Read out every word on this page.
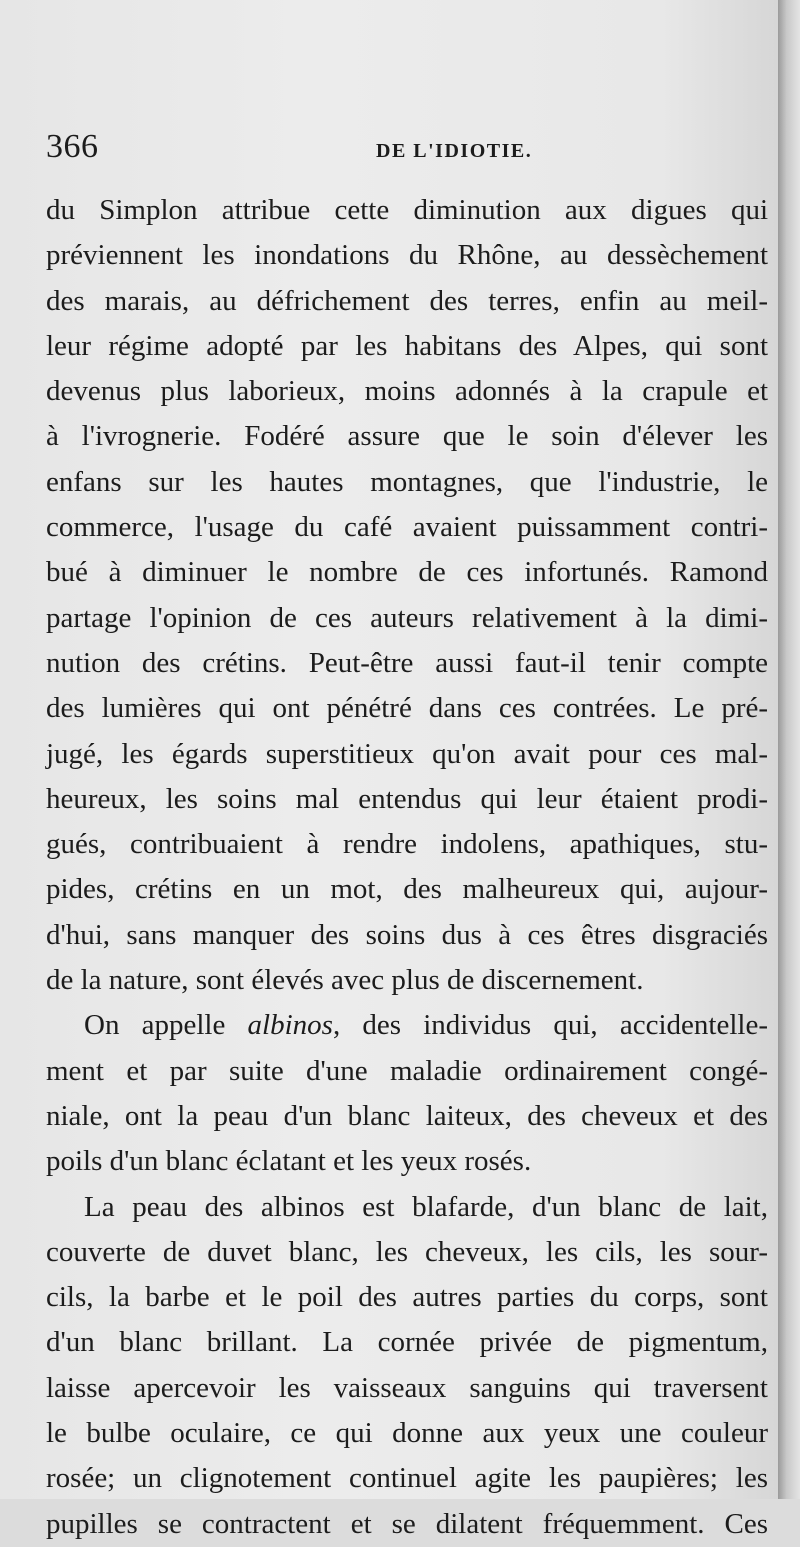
366	DE L'IDIOTIE.
du Simplon attribue cette diminution aux digues qui
préviennent les inondations du Rhône, au dessèchement
des marais, au défrichement des terres, enfin au meil-
leur régime adopté par les habitans des Alpes, qui sont
devenus plus laborieux, moins adonnés à la crapule et
à l'ivrognerie. Fodéré assure que le soin d'élever les
enfans sur les hautes montagnes, que l'industrie, le
commerce, l'usage du café avaient puissamment contri-
bué à diminuer le nombre de ces infortunés. Ramond
partage l'opinion de ces auteurs relativement à la dimi-
nution des crétins. Peut-être aussi faut-il tenir compte
des lumières qui ont pénétré dans ces contrées. Le pré-
jugé, les égards superstitieux qu'on avait pour ces mal-
heureux, les soins mal entendus qui leur étaient prodi-
gués, contribuaient à rendre indolens, apathiques, stu-
pides, crétins en un mot, des malheureux qui, aujour-
d'hui, sans manquer des soins dus à ces êtres disgraciés
de la nature, sont élevés avec plus de discernement.
On appelle albinos, des individus qui, accidentelle-
ment et par suite d'une maladie ordinairement congé-
niale, ont la peau d'un blanc laiteux, des cheveux et des
poils d'un blanc éclatant et les yeux rosés.
La peau des albinos est blafarde, d'un blanc de lait,
couverte de duvet blanc, les cheveux, les cils, les sour-
cils, la barbe et le poil des autres parties du corps, sont
d'un blanc brillant. La cornée privée de pigmentum,
laisse apercevoir les vaisseaux sanguins qui traversent
le bulbe oculaire, ce qui donne aux yeux une couleur
rosée; un clignotement continuel agite les paupières; les
pupilles se contractent et se dilatent fréquemment. Ces
